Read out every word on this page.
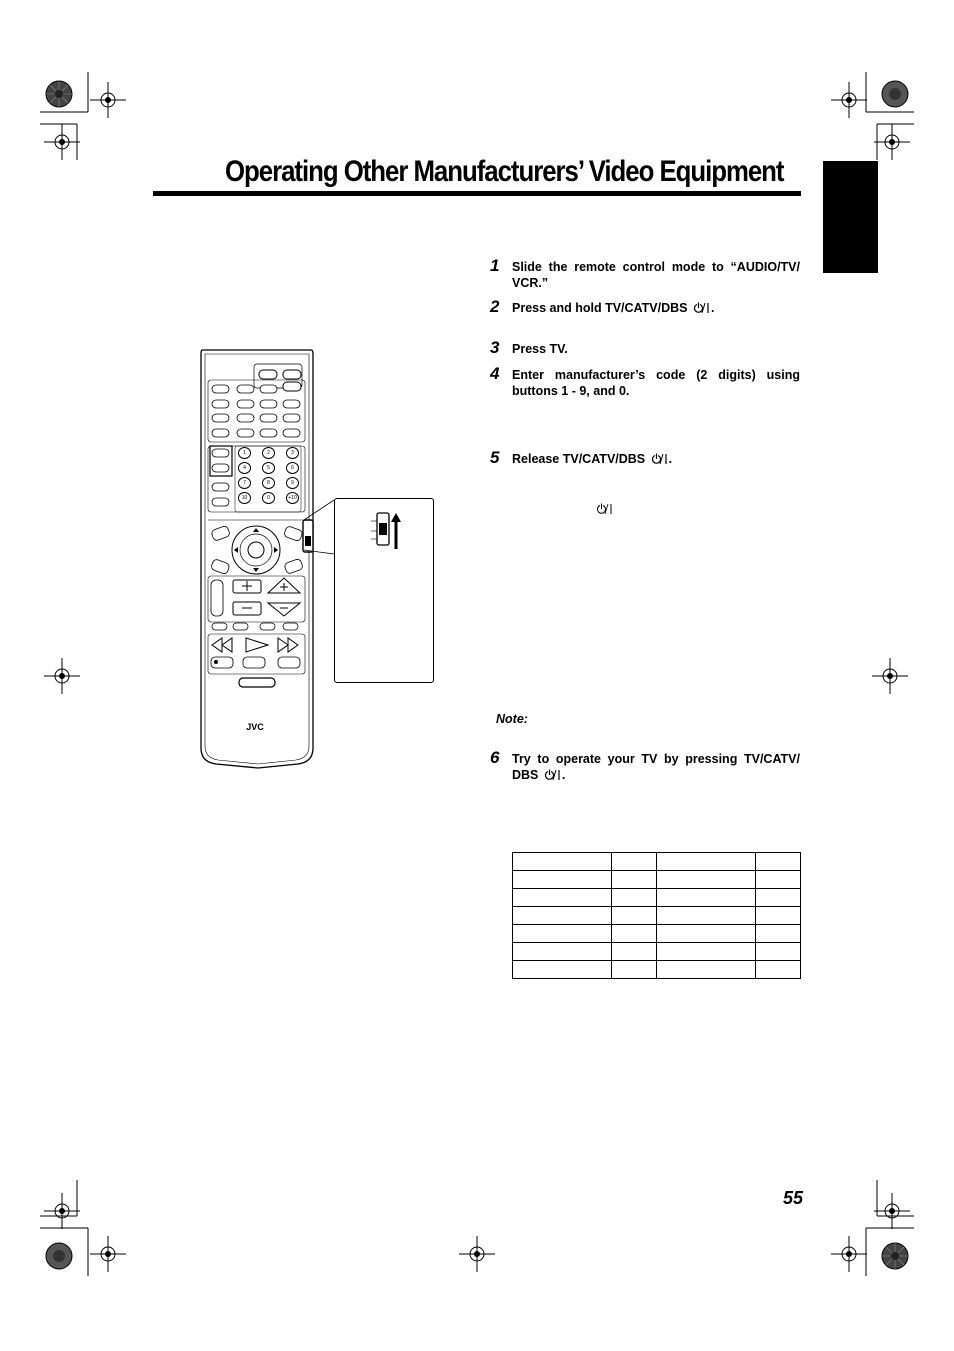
Operating Other Manufacturers’ Video Equipment
JVC
1	2	3
4	5	6
7	8	9
10	0	+10
1 Slide the remote control mode to “AUDIO/TV/ VCR.”
2 Press and hold TV/CATV/DBS .
3 Press TV.
4 Enter manufacturer’s code (2 digits) using buttons 1 - 9, and 0.
5 Release TV/CATV/DBS .
Note:
6 Try to operate your TV by pressing TV/CATV/ DBS .

55
